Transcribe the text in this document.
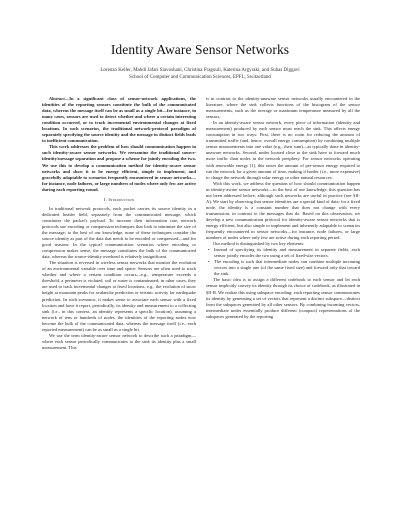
Identity Aware Sensor Networks
Lorenzo Keller, Mahdi Jafari Siavoshani, Christina Fragouli, Katerina Argyraki, and Suhas Diggavi
School of Computer and Communication Sciences, EPFL, Switzerland

Abstract—In a significant class of sensor-network applications, the identities of the reporting sensors constitute the bulk of the communicated data, whereas the message itself can be as small as a single bit—for instance, in many cases, sensors are used to detect whether and where a certain interesting condition occurred, or to track incremental environmental changes at fixed locations. In such scenarios, the traditional network-protocol paradigm of separately specifying the source identity and the message in distinct fields leads to inefficient communication.

This work addresses the problem of how should communication happen in such identity-aware sensor networks. We reexamine the traditional source-identity/message separation and propose a scheme for jointly encoding the two. We use this to develop a communication method for identity-aware sensor networks and show it to be energy efficient, simple to implement, and gracefully adaptable to scenarios frequently encountered in sensor networks—for instance, node failures, or large numbers of nodes where only few are active during each reporting round.

I. Introduction

In traditional network protocols, each packet carries its source identity in a dedicated header field, separately from the communicated message, which constitutes the packet's payload. To increase their information rate, network protocols use encoding or compression techniques that look to minimize the size of the message; to the best of our knowledge, none of these techniques consider the source identity as part of the data that needs to be encoded or compressed—and for good reasons: In the typical communication scenarios where encoding or compression makes sense, the message constitutes the bulk of the communicated data, whereas the source-identity overhead is relatively insignificant.

The situation is reversed in wireless sensor networks that monitor the evolution of an environmental variable over time and space: Sensors are often used to track whether and where a certain condition occurs—e.g., temperature exceeds a threshold, a perimeter is violated, soil or water is contaminated; in other cases, they are used to track incremental changes at fixed locations, e.g., the evolution of snow height at mountain peaks for avalanche prediction or seismic activity for earthquake prediction. In such scenarios, it makes sense to associate each sensor with a fixed location and have it report, periodically, its identity and measurement to a collecting sink (i.e., in this context, an identity represents a specific location); assuming a network of tens or hundreds of nodes, the identities of the reporting nodes now become the bulk of the communicated data, whereas the message itself (i.e., each reported measurement) can be as small as a single bit.

We use the term identity-aware sensor network to describe such a paradigm—where each sensor periodically communicates to the sink its identity plus a small measurement. This

is in contrast to the identity-unaware sensor networks usually encountered in the literature, where the sink collects functions of the histogram of the sensor measurements, such as the average or maximum temperature measured by all the sensors.

In an identity-aware sensor network, every piece of information (identity and measurement) produced by each sensor must reach the sink. This affects energy consumption in two ways: First, there is no room for reducing the amount of transmitted traffic (and, hence, overall energy consumption) by combining multiple sensor measurements into one value (e.g., their sum)—as typically done in identity-unaware networks. Second, nodes located close to the sink have to forward much more traffic than nodes in the network periphery. For sensor networks operating with renewable energy [1], this raises the amount of per-sensor energy required to run the network for a given amount of time, making it harder (i.e., more expensive) to charge the network through solar energy or other natural resources.

With this work, we address the question of how should communication happen in identity-aware sensor networks—to the best of our knowledge, this question has not been addressed before, although such networks are useful in practice (see §II-A). We start by observing that sensor identities are a special kind of data: for a fixed node, the identity is a constant number that does not change with every transmission, in contrast to the messages that do. Based on this observation, we develop a new communication protocol for identity-aware sensor networks that is energy efficient, but also simple to implement and inherently adaptable to scenarios frequently encountered in sensor networks—for instance, node failures, or large numbers of nodes where only few are active during each reporting period.

Our method is distinguished by two key elements:

• Instead of specifying its identity and measurement in separate fields, each sensor jointly encodes the two using a set of fixed-size vectors.
• The encoding is such that intermediate nodes can combine multiple incoming vectors into a single one (of the same fixed size) and forward only that toward the sink.

The basic idea is to assign a different codebook to each sensor and let each sensor implicitly convey its identity through its choice of codebook, as illustrated in §II-B. We realize this using subspace encoding: each reporting sensor communicates its identity by generating a set of vectors that represent a distinct subspace—distinct from the subspaces generated by all other sensors. By combining incoming vectors, intermediate nodes essentially produce different (compact) representations of the subspaces generated by the reporting
